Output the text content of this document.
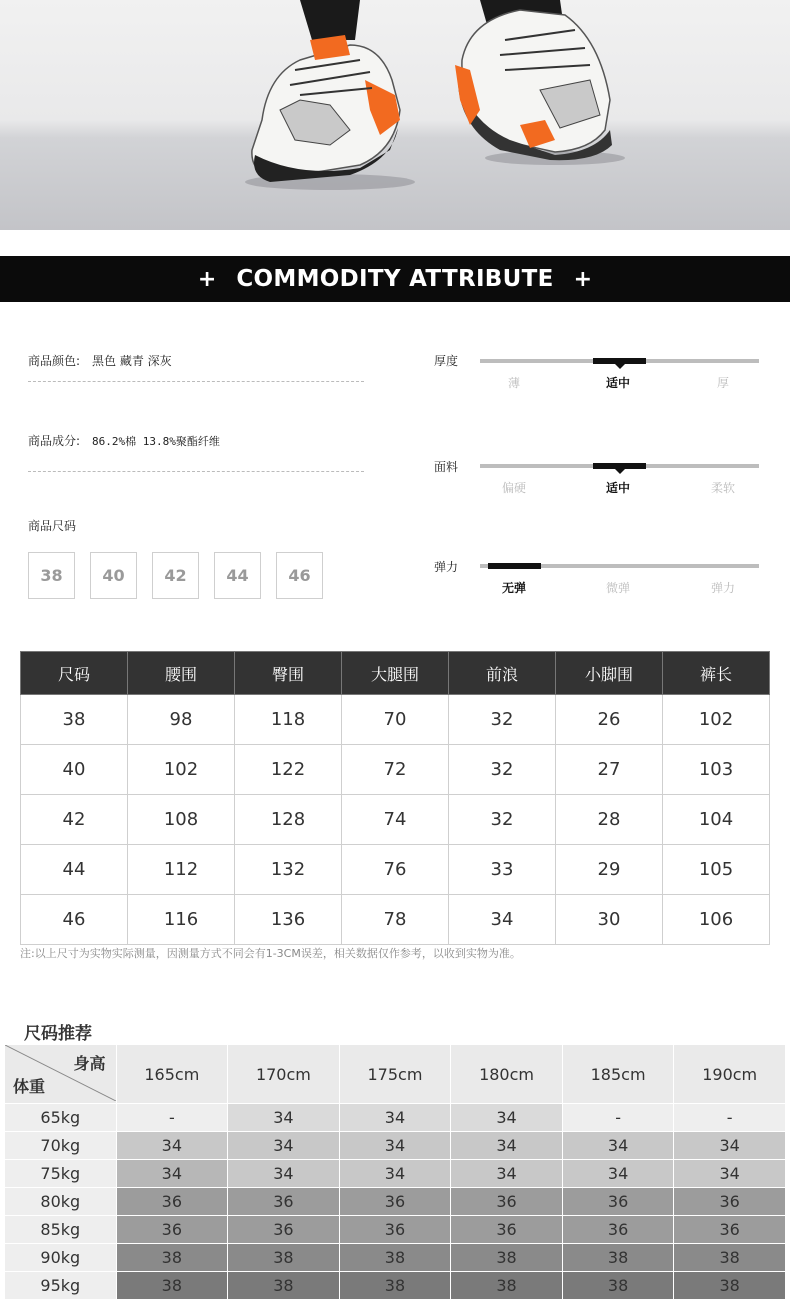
+ COMMODITY ATTRIBUTE +
商品颜色: 黑色 藏青 深灰
商品成分: 86.2%棉 13.8%聚酯纤维
商品尺码
38	40	42	44	46
厚度
薄	适中	厚
面料
偏硬	适中	柔软
弹力
无弹	微弹	弹力
尺码	腰围	臀围	大腿围	前浪	小脚围	裤长
38	98	118	70	32	26	102
40	102	122	72	32	27	103
42	108	128	74	32	28	104
44	112	132	76	33	29	105
46	116	136	78	34	30	106
注:以上尺寸为实物实际测量，因测量方式不同会有1-3CM误差，相关数据仅作参考，以收到实物为准。
尺码推荐
身高
体重	165cm	170cm	175cm	180cm	185cm	190cm
65kg	-	34	34	34	-	-
70kg	34	34	34	34	34	34
75kg	34	34	34	34	34	34
80kg	36	36	36	36	36	36
85kg	36	36	36	36	36	36
90kg	38	38	38	38	38	38
95kg	38	38	38	38	38	38
